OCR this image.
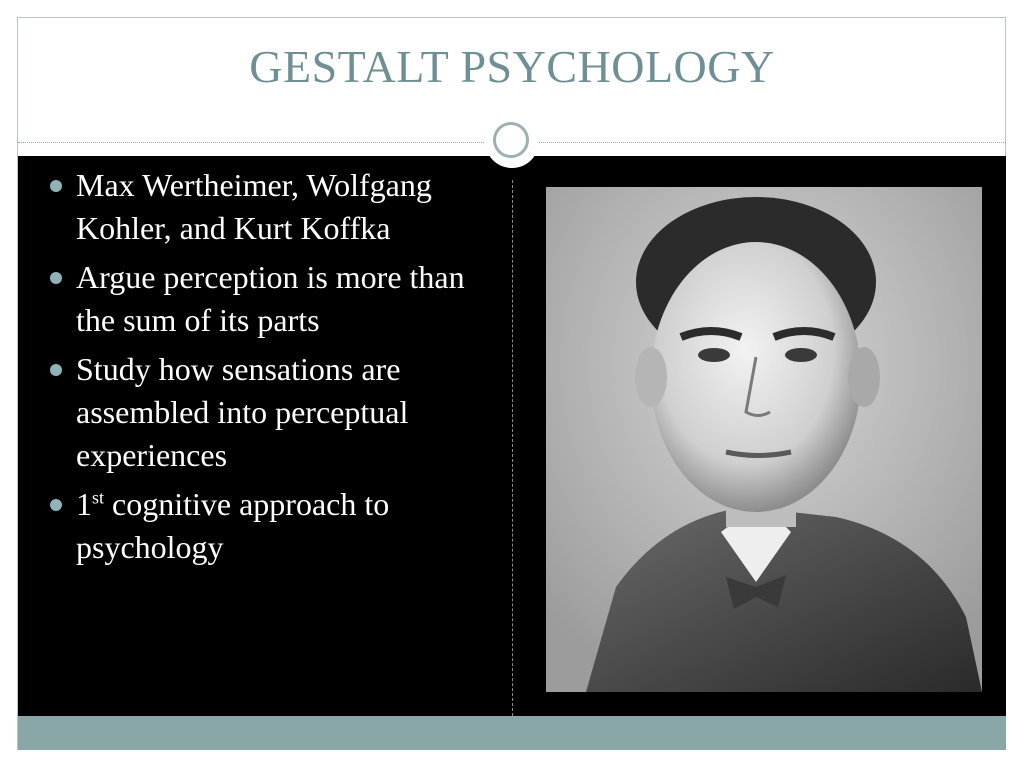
GESTALT PSYCHOLOGY
Max Wertheimer, Wolfgang Kohler, and Kurt Koffka
Argue perception is more than the sum of its parts
Study how sensations are assembled into perceptual experiences
1st cognitive approach to psychology
